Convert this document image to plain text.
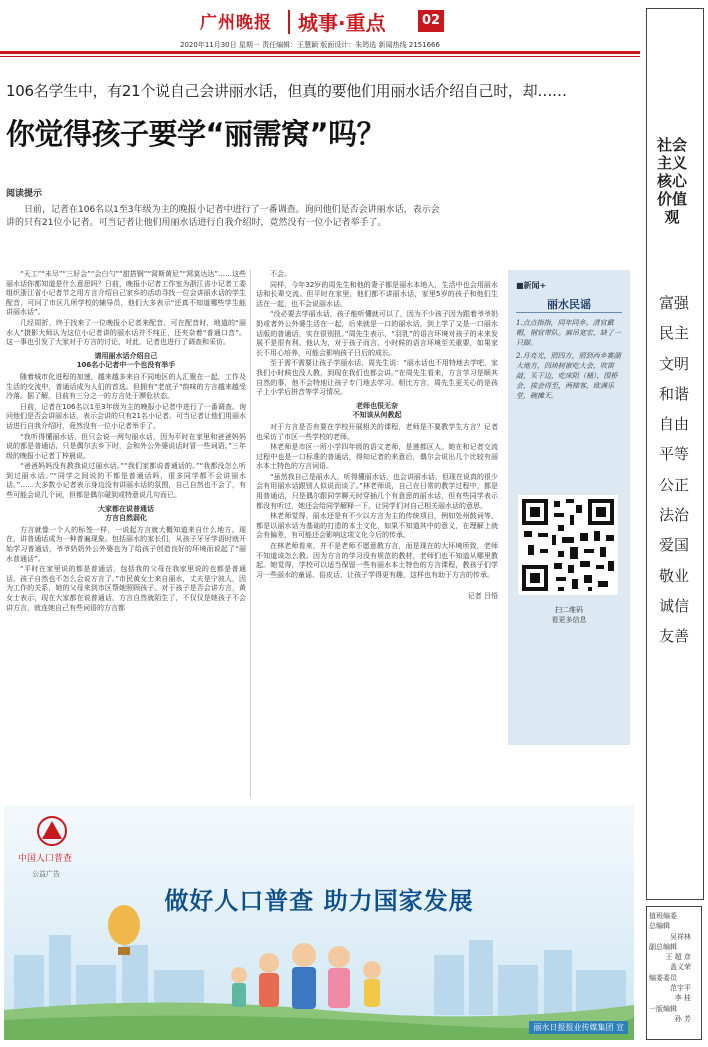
广州晚报 城事·重点	02
2020年11月30日 星期一 责任编辑：王慧颖 版面设计：朱筠选 新闻热线 2151666
106名学生中，有21个说自己会讲丽水话，但真的要他们用丽水话介绍自己时，却……
你觉得孩子要学“丽需窝”吗？
阅读提示
日前，记者在106名以1至3年级为主的晚报小记者中进行了一番调查。询问他们是否会讲丽水话，表示会讲的只有21位小记者。可当记者让他们用丽水话进行自我介绍时，竟然没有一位小记者举手了。

“天工”“未尽”“三好会”“会白勺”“甜搭钢”“窝斯黄尼”“窝莫达达”……这些丽水话你都知道是什么意思吗？日前，晚报小记者工作室为浙江省小记者工委组织浙江省小记者节之用方言介绍自己家乡的活动寻找一位会讲丽水话的学生配音，可问了市区几所学校的辅导员，他们大多表示“还真不知道哪些学生能讲丽水话”。

几经周折，终于找来了一位晚报小记者来配音，可在配音时，地道的“丽水人”摄影大师认为这位小记者讲的丽水话并不纯正，还夹杂着“普通口音”。这一事也引发了大家对于方言的讨论，对此，记者也进行了调查和采访。

请用丽水话介绍自己
106名小记者中一个也没有举手

随着城市化进程的加速，越来越多来自不同地区的人汇聚在一起，工作及生活的交流中，普通话成为人们的首选。但拥有“老底子”韵味的方言越来越受冷落。据了解，目前有三分之一的方言处于濒危状态。

日前，记者在106名以1至3年级为主的晚报小记者中进行了一番调查。询问他们是否会讲丽水话，表示会讲的只有21名小记者。可当记者让他们用丽水话进行自我介绍时，竟然没有一位小记者举手了。

“我听得懂丽水话，但只会说一两句丽水话，因为平时在家里和爸爸妈妈说的都是普通话，只是偶尔去乡下时，会和外公外婆说话时冒一些词语。”三年级的晚报小记者丁梓晨说。

“爸爸妈妈没有教我说过丽水话。”“我们家都说普通话的。”“我都没怎么听到过丽水话。”“同学之间说的不都是普通话吗，很多同学都不会讲丽水话。”……大多数小记者表示身边没有讲丽水话的氛围，自己自然也不会了，有些可能会说几个词，但都是偶尔碰到或特意说几句而已。

大家都在说普通话
方言自然弱化

方言就像一个人的标签一样，一说起方言就大概知道来自什么地方。现在，讲普通话成为一种普遍现象。包括丽水的家长们，从孩子牙牙学语时就开始学习普通话，爷爷奶奶外公外婆也为了给孩子创造良好的环境而说起了“丽水普通话”。

“平时在家里说的都是普通话，包括我的父母在我家里说的也都是普通话，孩子自然也不怎么会说方言了。”市民黄女士来自丽水，丈夫是宁波人，因为工作的关系，她的父母来到市区帮她照顾孩子。对于孩子是否会讲方言，黄女士表示，现在大家都在说普通话，方言自然就陌生了，不仅仅是她孩子不会讲方言，就连她自己有些词语的方言都

不会。

同样，今年32岁的周先生和他的妻子都是丽水本地人，生活中也会用丽水话和长辈交流。但平时在家里，他们都不讲丽水话，家里5岁的孩子和他们生活在一起，也不会说丽水话。

“没必要去学丽水话，孩子能听懂就可以了，因为不少孩子因为跟着爷爷奶奶或者外公外婆生活在一起，后来就是一口的丽水话，到上学了又是一口丽水话版的普通话，实在很别扭。”周先生表示，“羽乳”的语言环境对孩子的未来发展不是很有利。他认为，对于孩子而言，小时候的语言环境至关重要，如果家长不用心培养，可能会影响孩子日后的成长。

至于需不需要让孩子学丽水话，周先生说：“丽水话也不用特地去学吧，家我们小时候也没人教，到现在我们也都会讲。”在周先生看来，方言学习是顺其自然的事，他不会特地让孩子专门地去学习。相比方言，周先生更关心的是孩子上小学后拼音等学习情况。

老师也很无奈
不知该从何教起

对于方言是否有要在学校开展相关的课程，老师是不要教学生方言？记者也采访了市区一些学校的老师。

林老师是市区一所小学四年级的语文老师，是莲都区人。她在和记者交流过程中也是一口标准的普通话，得知记者的来意后，偶尔会说出几个比较有丽水本土特色的方言词语。

“虽然我自己是丽水人，听得懂丽水话，也会讲丽水话，但现在说真的很少会有用丽水话跟别人似说而谈了。”林老师说，自己在日常的教学过程中，都是用普通话，只是偶尔跟同学聊天时穿插几个有意思的丽水话，但有些同学表示都没有听过，她还会给同学解释一下，让同学们对自己相关丽水话的意思。

林老师觉得，丽水还是有不少以方言为主的传统项目，例如处州鼓词等，都是以丽水话为基础的打造的本土文化，如果不知道其中的意义，在理解上就会有偏差，有可能还会影响这项文化今后的传承。

在林老师看来，并不是老师不愿意教方言，而是现在的大环境所致，老师不知道该怎么教。因为方言的学习没有规范的教材，老师们也不知道从哪里教起。她觉得，学校可以适当保留一些有丽水本土特色的方言课程，教孩子们学习一些丽水的童谣、俗皮话，让孩子学得更有趣，这样也有助于方言的传承。

记者 吕悟

■新闻+
丽水民谣

1.点点指指，同年同乡。清官戴帽，钢官带队。麻吊宽宏，缺了一只脚。

2.月亮光，照四方，照到西乡赛湖大地方，四块树嵌吃大会，吹笛敲，买干边，吃床阻（桶），围桥会，挨会得至，两梯客，欧满乐堂，碗摊天。

扫二维码
看更多信息
社会主义核心价值观
富强
民主
文明
和谐
自由
平等
公正
法治
爱国
敬业
诚信
友善
值班编委
总编辑
吴祥林
副总编辑
王 超 彦
盖义荣
编委委员
范宇平
李 桂
一版编辑
孙 芳
中国人口普查
公益广告
做好人口普查 助力国家发展
丽水日报报业传媒集团 宣
